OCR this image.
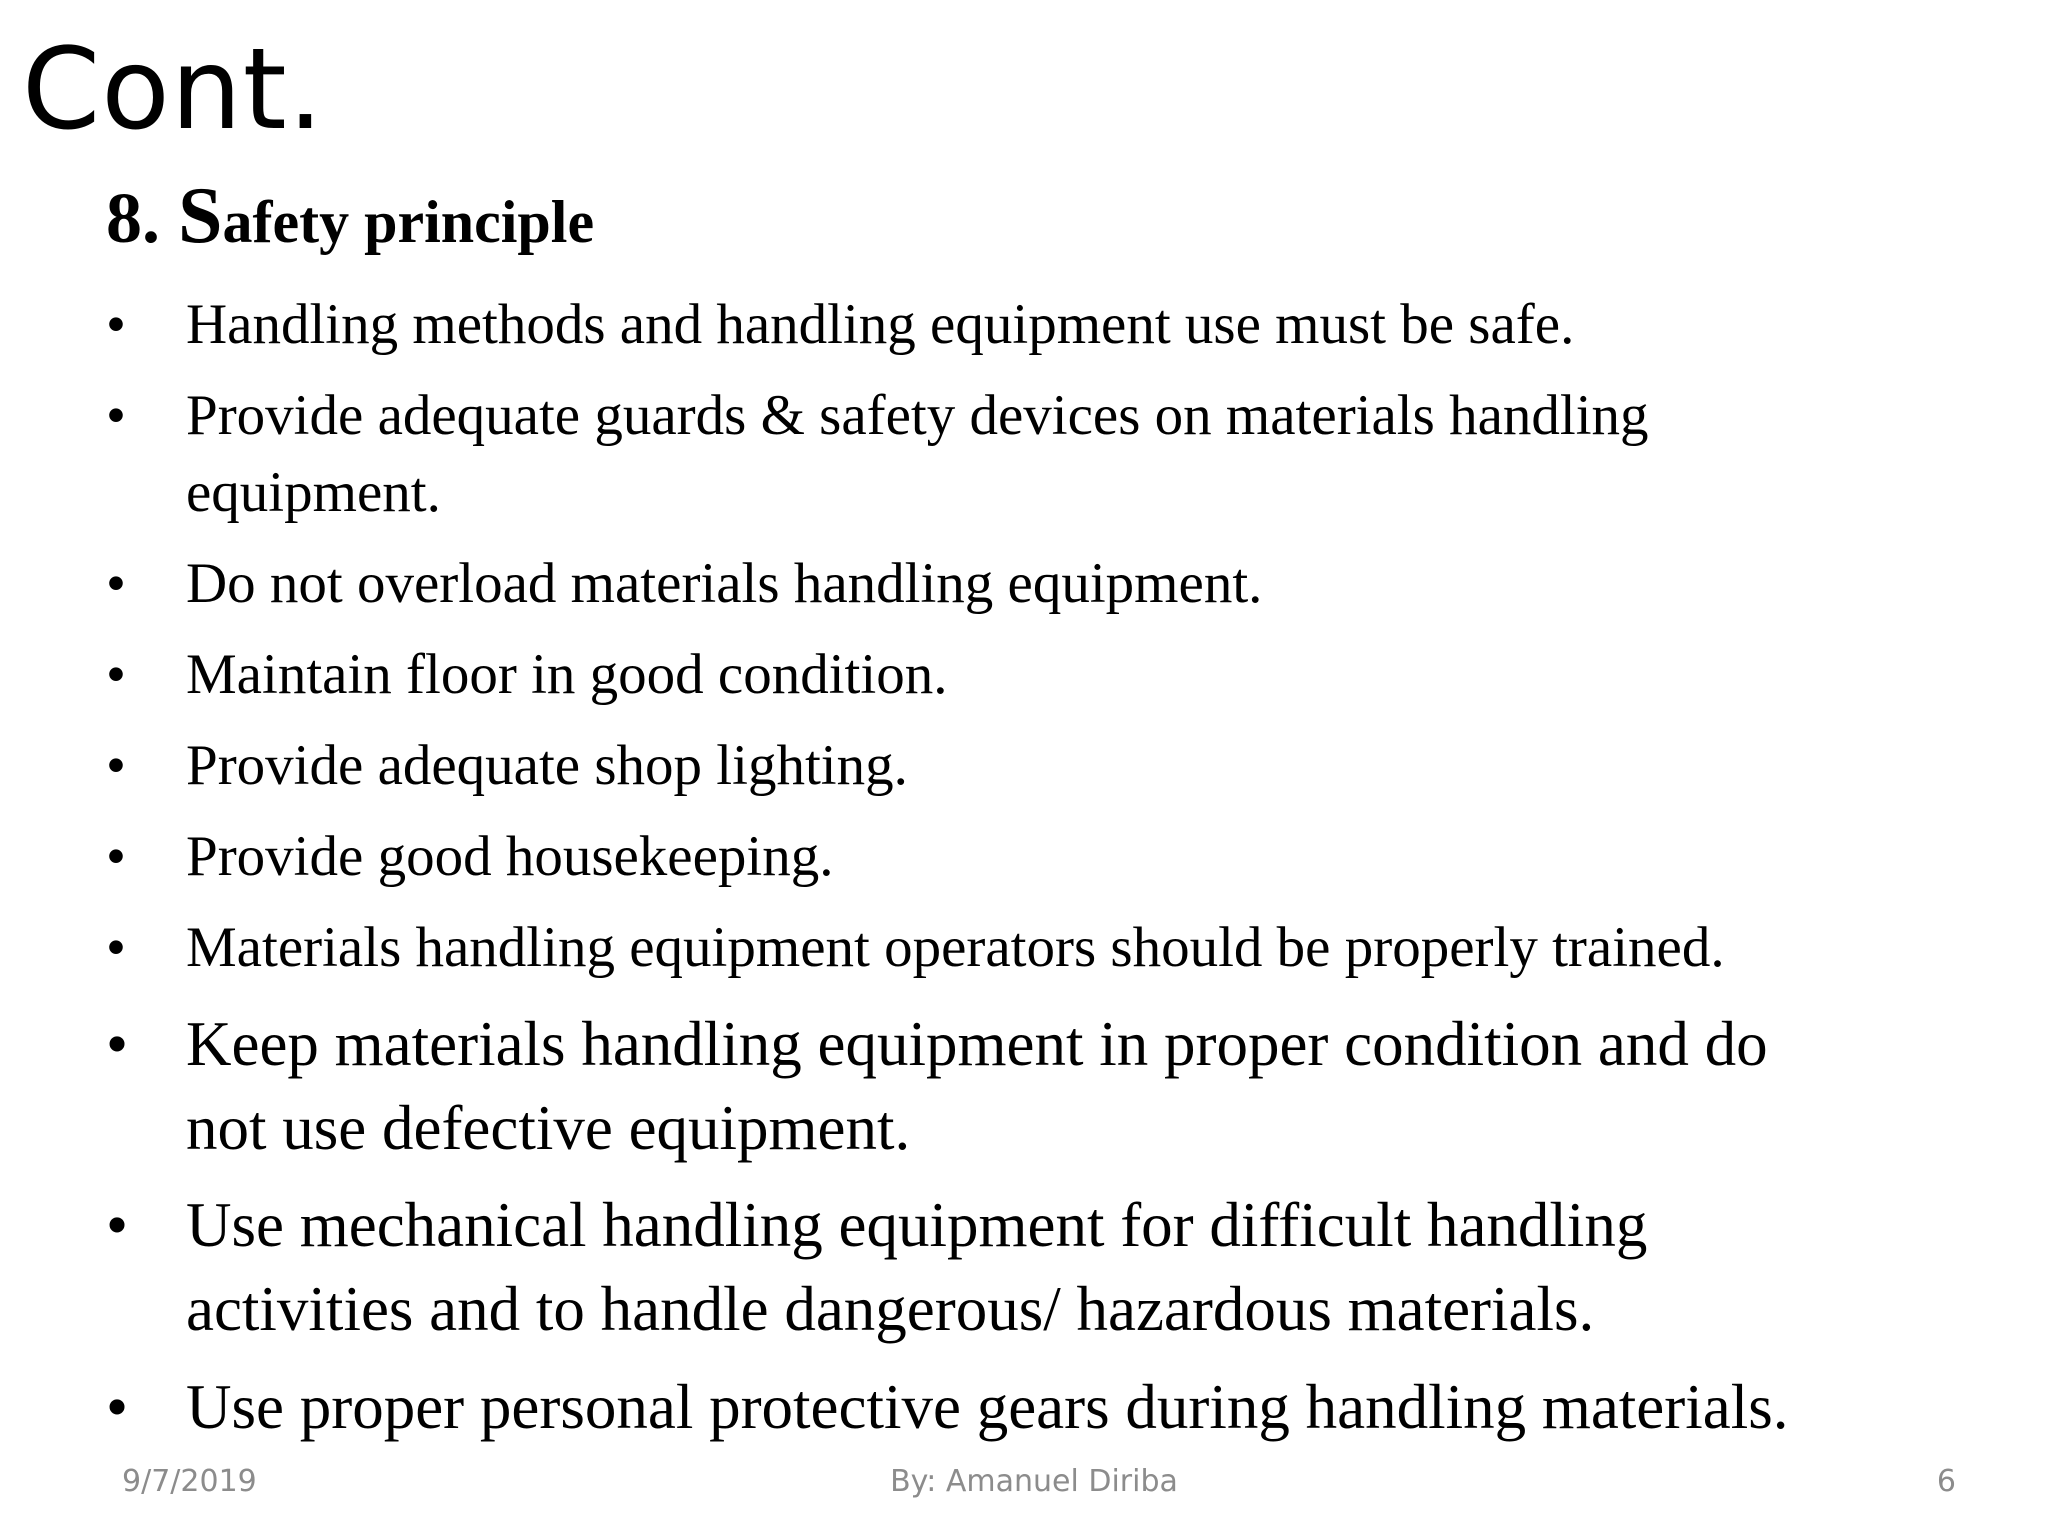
Cont.
8. Safety principle
• Handling methods and handling equipment use must be safe.
• Provide adequate guards & safety devices on materials handling
equipment.
• Do not overload materials handling equipment.
• Maintain floor in good condition.
• Provide adequate shop lighting.
• Provide good housekeeping.
• Materials handling equipment operators should be properly trained.
• Keep materials handling equipment in proper condition and do
not use defective equipment.
• Use mechanical handling equipment for difficult handling
activities and to handle dangerous/ hazardous materials.
• Use proper personal protective gears during handling materials.
9/7/2019	By: Amanuel Diriba	6
